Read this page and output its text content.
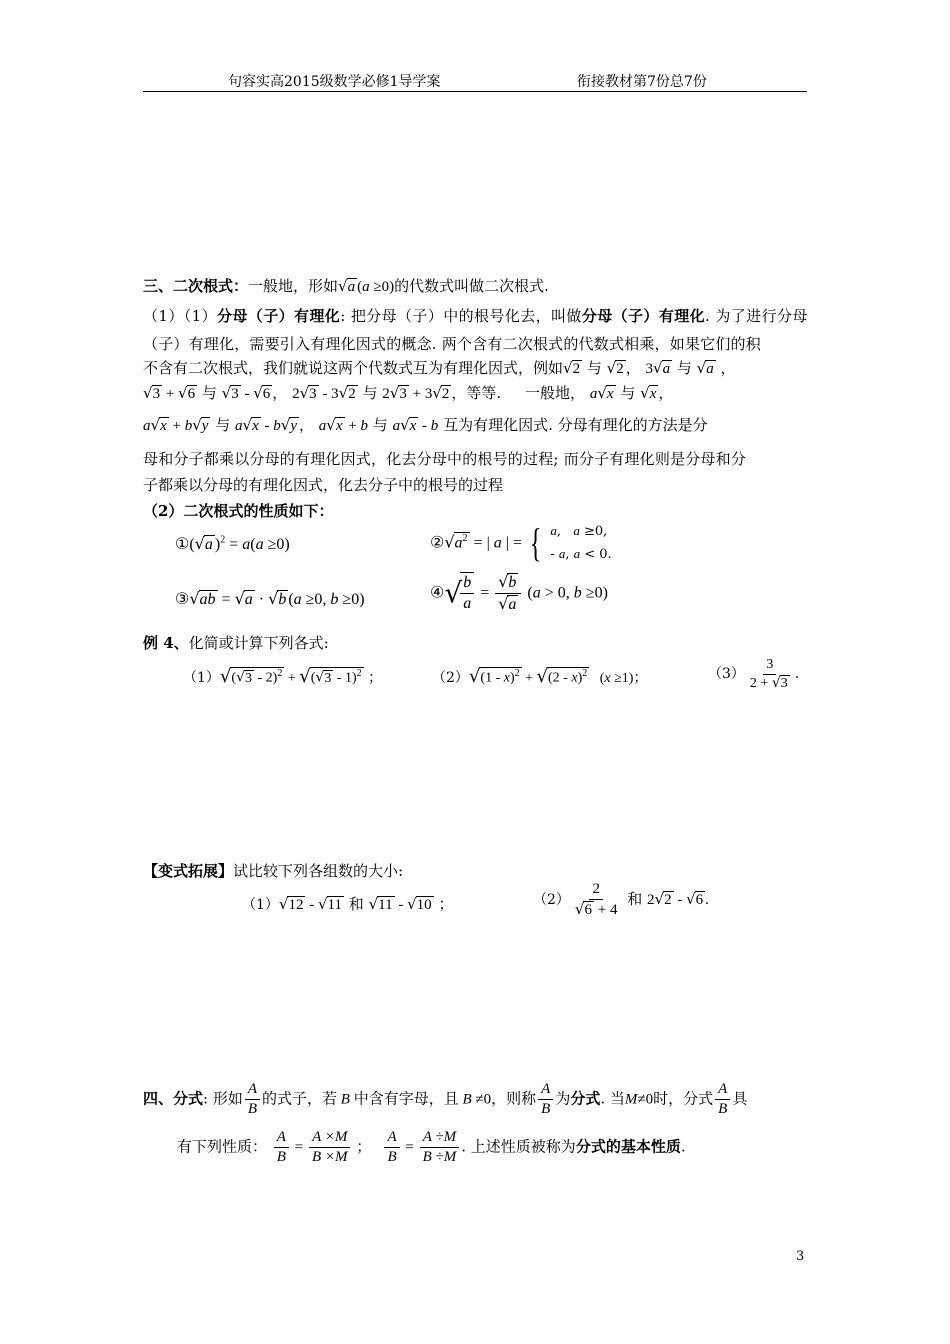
句容实高2015级数学必修1导学案	衔接教材第7份总7份
三、二次根式：一般地，形如√a (a ≥0)的代数式叫做二次根式.
（1）（1）分母（子）有理化: 把分母（子）中的根号化去，叫做分母（子）有理化. 为了进行分母
（子）有理化，需要引入有理化因式的概念. 两个含有二次根式的代数式相乘，如果它们的积
不含有二次根式，我们就说这两个代数式互为有理化因式，例如√2 与 √2 ， 3√a 与 √a ，
√3 + √6 与 √3 - √6 ， 2√3 - 3√2 与 2√3 + 3√2 ，等等. 一般地， a√x 与 √x ，
a√x + b√y 与 a√x - b√y ， a√x + b 与 a√x - b 互为有理化因式. 分母有理化的方法是分
母和分子都乘以分母的有理化因式，化去分母中的根号的过程; 而分子有理化则是分母和分
子都乘以分母的有理化因式，化去分子中的根号的过程
（2）二次根式的性质如下：
①(√a )$^2$ = a(a ≥0)	$②√a^2$ = | a | = { a,   a ≥0,
- a, a < 0.
③√ab = √a · √b (a ≥0, b ≥0)	④√
$\frac{b}{a} = \frac{√b}{√a} (a > 0$, b ≥0)
例 4、化简或计算下列各式:
（1）√(√3 - 2)$^2$ + √(√3 - 1)$^2$ ；	（2）√(1 - x)$^2$ + √(2 - x)$^2$   (x ≥1)；	$(3) \frac{3}{2 + √3}$ .
【变式拓展】试比较下列各组数的大小:
（1）√12 - √11 和 √11 - √10 ；	$(2) \frac{2}{√6 + 4}$ 和 2√2 - √6 .
四、分式: 形如 $\frac{A}{B}$ 的式子，若 B 中含有字母，且 B ≠0，则称 $\frac{A}{B}$ 为分式. 当M≠0时，分式 $\frac{A}{B}$ 具
有下列性质： $\frac{A}{B} = \frac{A \times M}{B \times M}$ ； $\frac{A}{B} = \frac{A \div M}{B \div M}$ . 上述性质被称为分式的基本性质.
3
